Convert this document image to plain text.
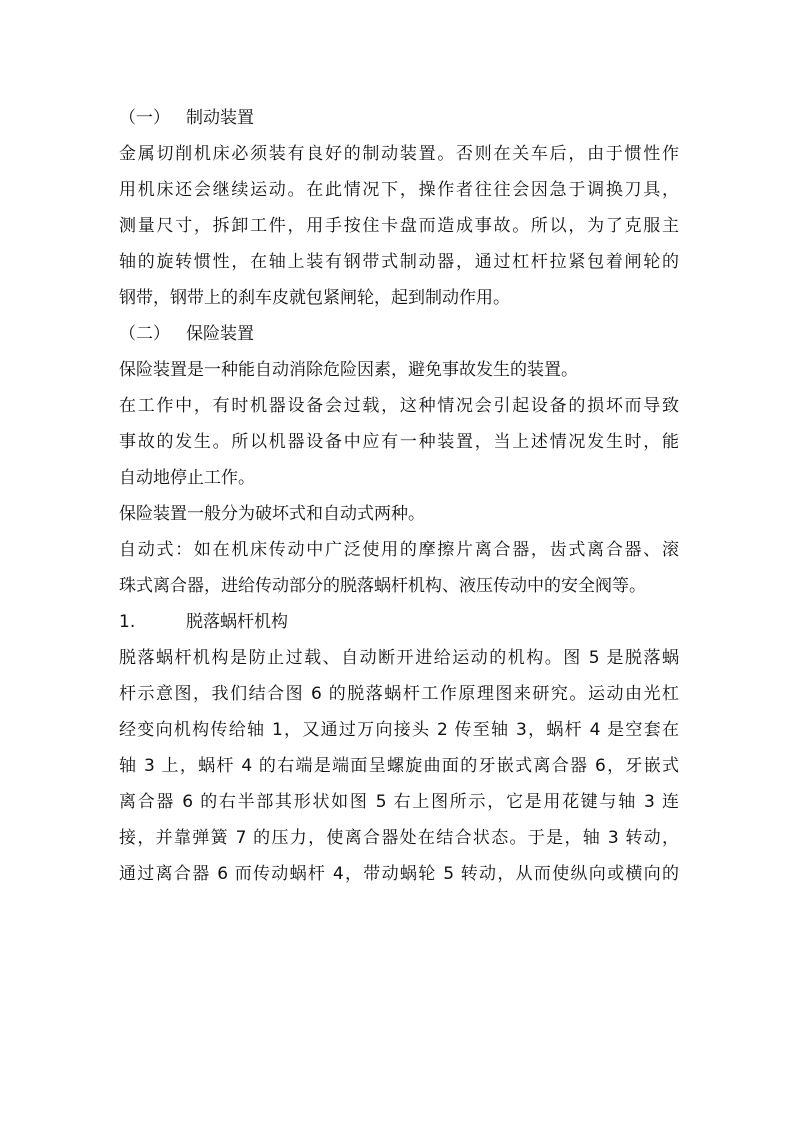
（一） 制动装置

金属切削机床必须装有良好的制动装置。否则在关车后，由于惯性作

用机床还会继续运动。在此情况下，操作者往往会因急于调换刀具，

测量尺寸，拆卸工件，用手按住卡盘而造成事故。所以，为了克服主

轴的旋转惯性，在轴上装有钢带式制动器，通过杠杆拉紧包着闸轮的

钢带，钢带上的刹车皮就包紧闸轮，起到制动作用。

（二） 保险装置

保险装置是一种能自动消除危险因素，避免事故发生的装置。

在工作中，有时机器设备会过载，这种情况会引起设备的损坏而导致

事故的发生。所以机器设备中应有一种装置，当上述情况发生时，能

自动地停止工作。

保险装置一般分为破坏式和自动式两种。

自动式：如在机床传动中广泛使用的摩擦片离合器，齿式离合器、滚

珠式离合器，进给传动部分的脱落蜗杆机构、液压传动中的安全阀等。

1.	脱落蜗杆机构

脱落蜗杆机构是防止过载、自动断开进给运动的机构。图 5 是脱落蜗

杆示意图，我们结合图 6 的脱落蜗杆工作原理图来研究。运动由光杠

经变向机构传给轴 1，又通过万向接头 2 传至轴 3，蜗杆 4 是空套在

轴 3 上，蜗杆 4 的右端是端面呈螺旋曲面的牙嵌式离合器 6，牙嵌式

离合器 6 的右半部其形状如图 5 右上图所示，它是用花键与轴 3 连

接，并靠弹簧 7 的压力，使离合器处在结合状态。于是，轴 3 转动，

通过离合器 6 而传动蜗杆 4，带动蜗轮 5 转动，从而使纵向或横向的
